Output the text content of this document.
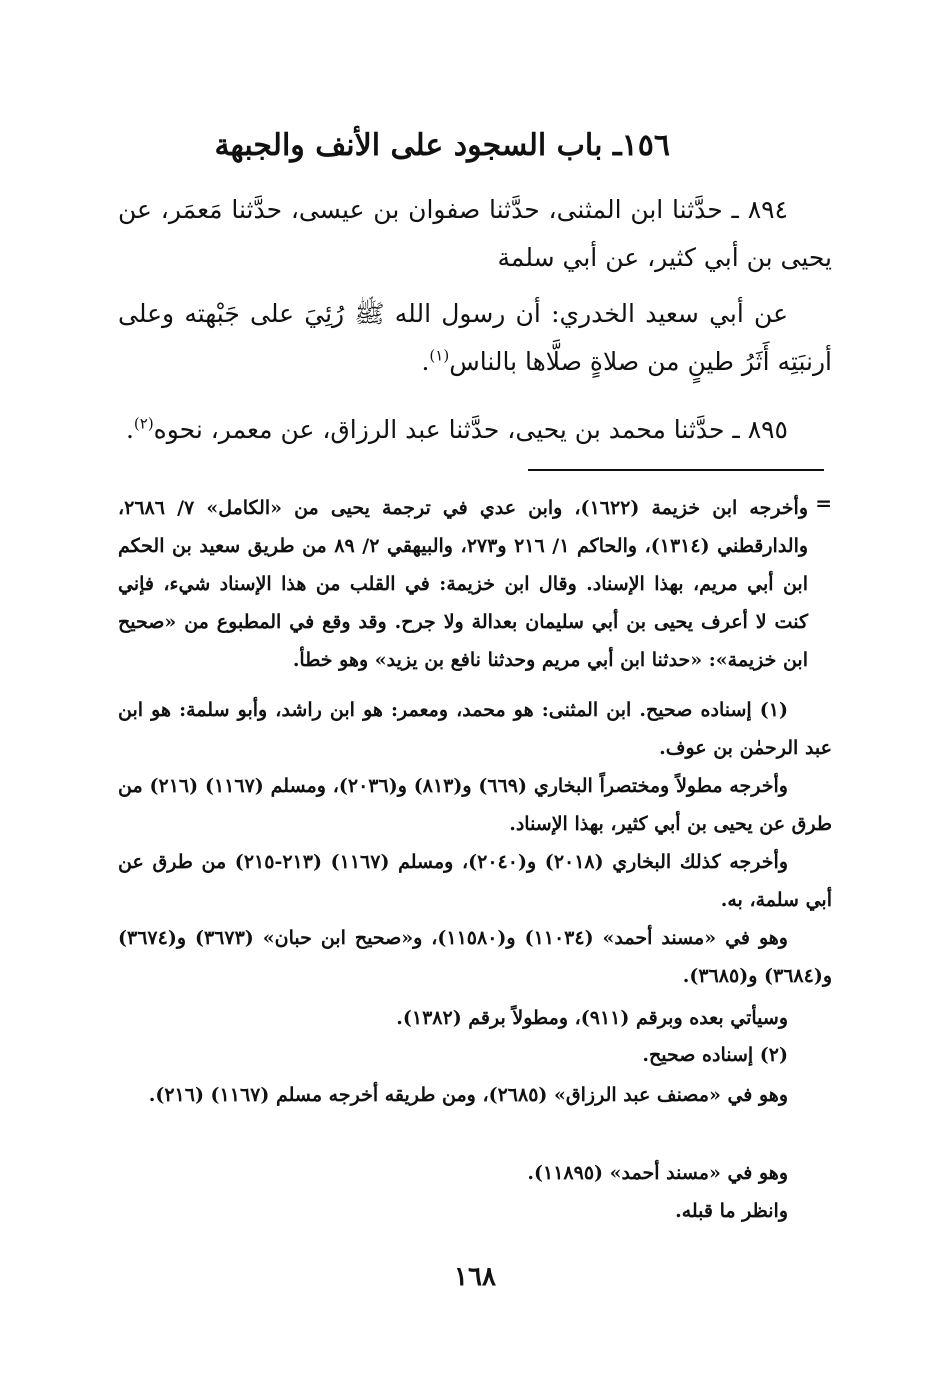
١٥٦ـ باب السجود على الأنف والجبهة
٨٩٤ ـ حدَّثنا ابن المثنى، حدَّثنا صفوان بن عيسى، حدَّثنا مَعمَر، عن يحيى بن أبي كثير، عن أبي سلمة
عن أبي سعيد الخدري: أن رسول الله ﷺ رُئِيَ على جَبْهته وعلى أرنبَتِه أَثَرُ طينٍ من صلاةٍ صلَّاها بالناس$^{(١)}$.
٨٩٥ ـ حدَّثنا محمد بن يحيى، حدَّثنا عبد الرزاق، عن معمر، نحوه$^{(٢)}$.
=
وأخرجه ابن خزيمة (١٦٢٢)، وابن عدي في ترجمة يحيى من «الكامل» ٧/ ٢٦٨٦، والدارقطني (١٣١٤)، والحاكم ١/ ٢١٦ و٢٧٣، والبيهقي ٢/ ٨٩ من طريق سعيد بن الحكم ابن أبي مريم، بهذا الإسناد. وقال ابن خزيمة: في القلب من هذا الإسناد شيء، فإني كنت لا أعرف يحيى بن أبي سليمان بعدالة ولا جرح. وقد وقع في المطبوع من «صحيح ابن خزيمة»: «حدثنا ابن أبي مريم وحدثنا نافع بن يزيد» وهو خطأ.
(١) إسناده صحيح. ابن المثنى: هو محمد، ومعمر: هو ابن راشد، وأبو سلمة: هو ابن عبد الرحمٰن بن عوف.
وأخرجه مطولاً ومختصراً البخاري (٦٦٩) و(٨١٣) و(٢٠٣٦)، ومسلم (١١٦٧) (٢١٦) من طرق عن يحيى بن أبي كثير، بهذا الإسناد.
وأخرجه كذلك البخاري (٢٠١٨) و(٢٠٤٠)، ومسلم (١١٦٧) (٢١٣-٢١٥) من طرق عن أبي سلمة، به.
وهو في «مسند أحمد» (١١٠٣٤) و(١١٥٨٠)، و«صحيح ابن حبان» (٣٦٧٣) و(٣٦٧٤) و(٣٦٨٤) و(٣٦٨٥).
وسيأتي بعده وبرقم (٩١١)، ومطولاً برقم (١٣٨٢).
(٢) إسناده صحيح.
وهو في «مصنف عبد الرزاق» (٢٦٨٥)، ومن طريقه أخرجه مسلم (١١٦٧) (٢١٦).
وهو في «مسند أحمد» (١١٨٩٥).
وانظر ما قبله.
١٦٨
